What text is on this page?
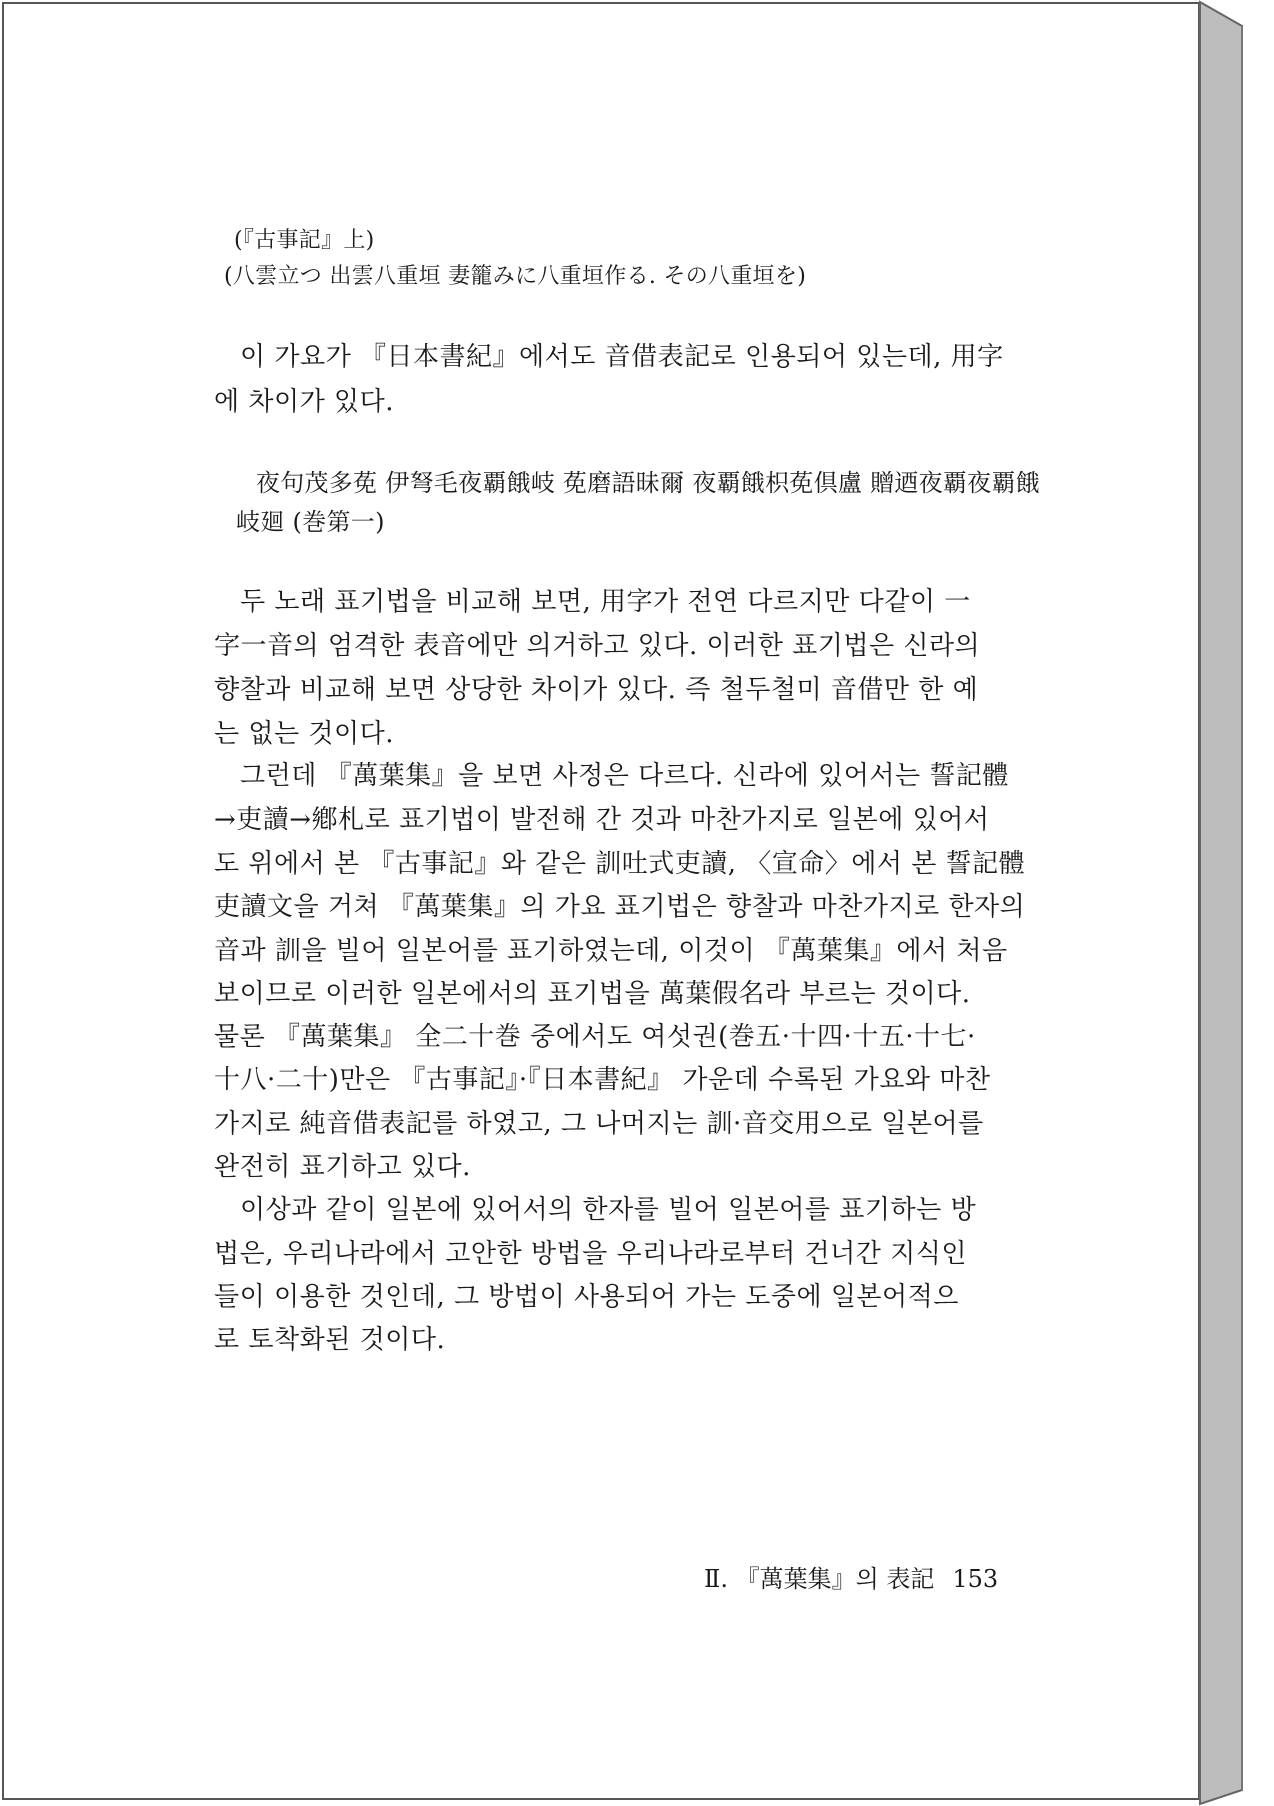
(『古事記』上)
(八雲立つ 出雲八重垣 妻籠みに八重垣作る. その八重垣を)
이 가요가 『日本書紀』에서도 音借表記로 인용되어 있는데, 用字
에 차이가 있다.
夜句茂多莬 伊弩毛夜覇餓岐 莬磨語昧爾 夜覇餓枳莬倶盧 贈迺夜覇夜覇餓
岐廻 (巻第一)
두 노래 표기법을 비교해 보면, 用字가 전연 다르지만 다같이 一
字一音의 엄격한 表音에만 의거하고 있다. 이러한 표기법은 신라의
향찰과 비교해 보면 상당한 차이가 있다. 즉 철두철미 音借만 한 예
는 없는 것이다.
그런데 『萬葉集』을 보면 사정은 다르다. 신라에 있어서는 誓記體
→吏讀→鄕札로 표기법이 발전해 간 것과 마찬가지로 일본에 있어서
도 위에서 본 『古事記』와 같은 訓吐式吏讀, 〈宣命〉에서 본 誓記體
吏讀文을 거쳐 『萬葉集』의 가요 표기법은 향찰과 마찬가지로 한자의
音과 訓을 빌어 일본어를 표기하였는데, 이것이 『萬葉集』에서 처음
보이므로 이러한 일본에서의 표기법을 萬葉假名라 부르는 것이다.
물론 『萬葉集』 全二十巻 중에서도 여섯권(巻五·十四·十五·十七·
十八·二十)만은 『古事記』·『日本書紀』 가운데 수록된 가요와 마찬
가지로 純音借表記를 하였고, 그 나머지는 訓·音交用으로 일본어를
완전히 표기하고 있다.
이상과 같이 일본에 있어서의 한자를 빌어 일본어를 표기하는 방
법은, 우리나라에서 고안한 방법을 우리나라로부터 건너간 지식인
들이 이용한 것인데, 그 방법이 사용되어 가는 도중에 일본어적으
로 토착화된 것이다.
Ⅱ. 『萬葉集』의 表記 153
